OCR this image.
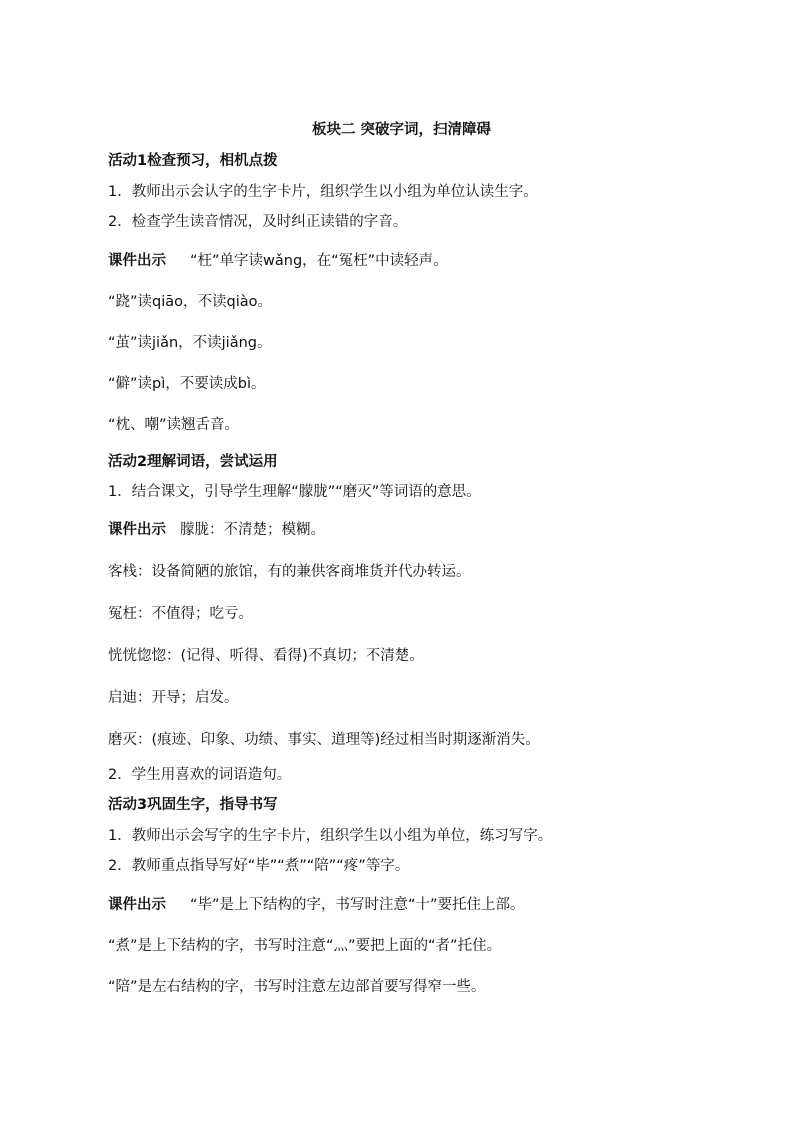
板块二 突破字词，扫清障碍
活动1检查预习，相机点拨
1．教师出示会认字的生字卡片，组织学生以小组为单位认读生字。
2．检查学生读音情况，及时纠正读错的字音。
课件出示 “枉”单字读wǎng，在“冤枉”中读轻声。
“跷”读qiāo，不读qiào。
“茧”读jiǎn，不读jiǎng。
“僻”读pì，不要读成bì。
“枕、嘲”读翘舌音。
活动2理解词语，尝试运用
1．结合课文，引导学生理解“朦胧”“磨灭”等词语的意思。
课件出示 朦胧：不清楚；模糊。
客栈：设备简陋的旅馆，有的兼供客商堆货并代办转运。
冤枉：不值得；吃亏。
恍恍惚惚：(记得、听得、看得)不真切；不清楚。
启迪：开导；启发。
磨灭：(痕迹、印象、功绩、事实、道理等)经过相当时期逐渐消失。
2．学生用喜欢的词语造句。
活动3巩固生字，指导书写
1．教师出示会写字的生字卡片，组织学生以小组为单位，练习写字。
2．教师重点指导写好“毕”“煮”“陪”“疼”等字。
课件出示 “毕”是上下结构的字，书写时注意“十”要托住上部。
“煮”是上下结构的字，书写时注意“灬”要把上面的“者”托住。
“陪”是左右结构的字，书写时注意左边部首要写得窄一些。
